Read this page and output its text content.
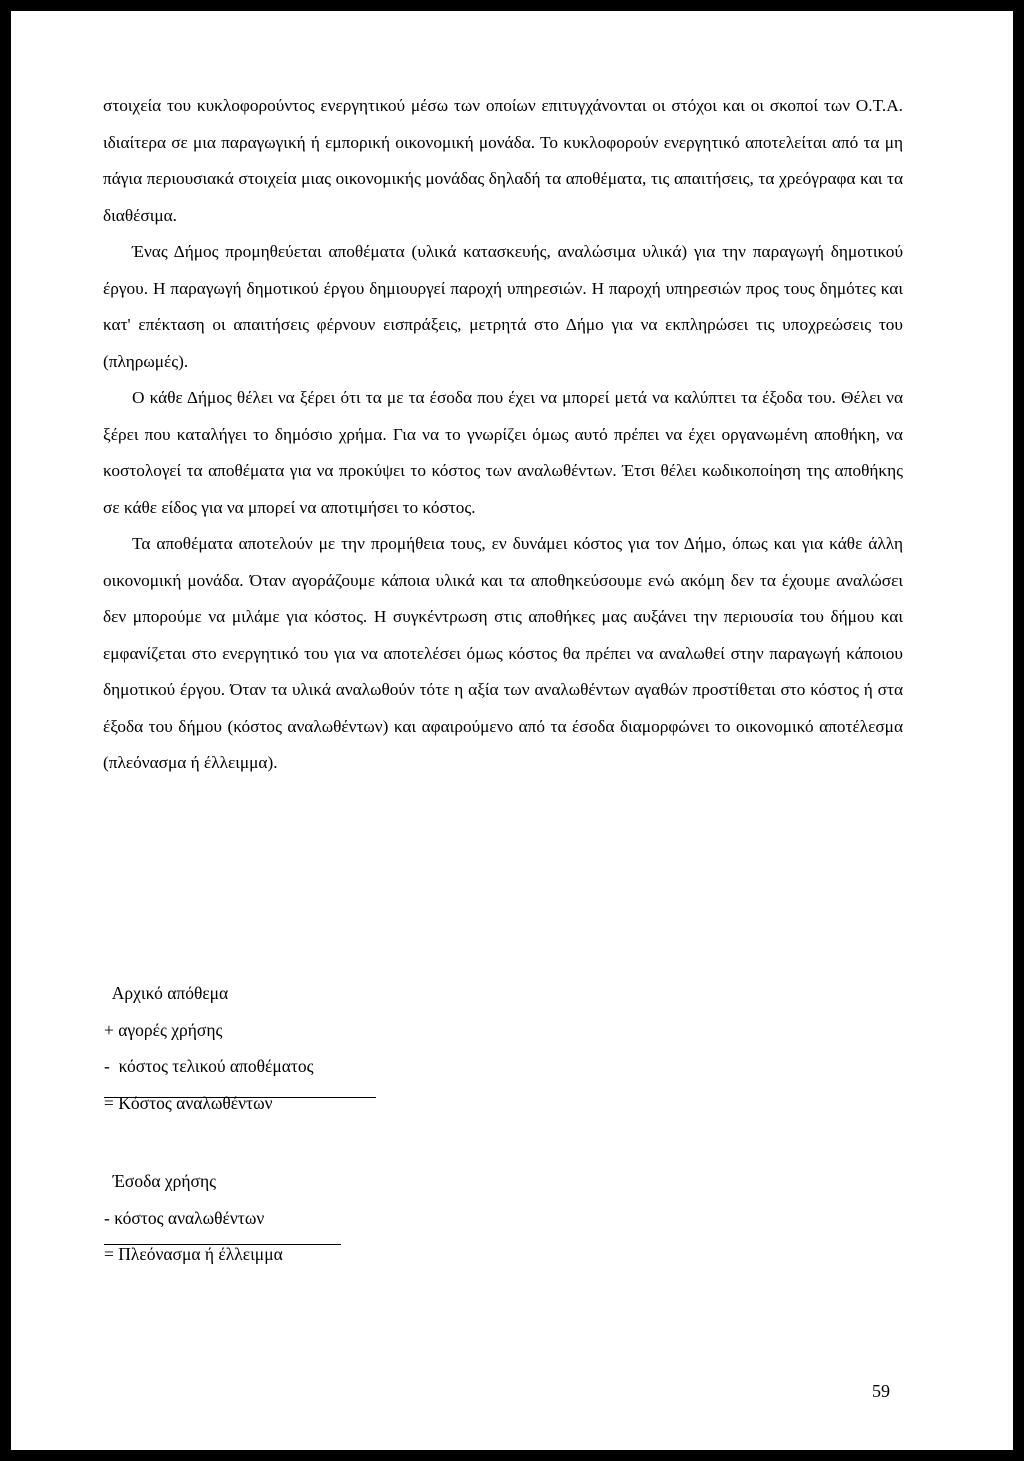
στοιχεία του κυκλοφορούντος ενεργητικού μέσω των οποίων επιτυγχάνονται οι στόχοι και οι σκοποί των Ο.Τ.Α. ιδιαίτερα σε μια παραγωγική ή εμπορική οικονομική μονάδα. Το κυκλοφορούν ενεργητικό αποτελείται από τα μη πάγια περιουσιακά στοιχεία μιας οικονομικής μονάδας δηλαδή τα αποθέματα, τις απαιτήσεις, τα χρεόγραφα και τα διαθέσιμα.

Ένας Δήμος προμηθεύεται αποθέματα (υλικά κατασκευής, αναλώσιμα υλικά) για την παραγωγή δημοτικού έργου. Η παραγωγή δημοτικού έργου δημιουργεί παροχή υπηρεσιών. Η παροχή υπηρεσιών προς τους δημότες και κατ' επέκταση οι απαιτήσεις φέρνουν εισπράξεις, μετρητά στο Δήμο για να εκπληρώσει τις υποχρεώσεις του (πληρωμές).

Ο κάθε Δήμος θέλει να ξέρει ότι τα με τα έσοδα που έχει να μπορεί μετά να καλύπτει τα έξοδα του. Θέλει να ξέρει που καταλήγει το δημόσιο χρήμα. Για να το γνωρίζει όμως αυτό πρέπει να έχει οργανωμένη αποθήκη, να κοστολογεί τα αποθέματα για να προκύψει το κόστος των αναλωθέντων. Έτσι θέλει κωδικοποίηση της αποθήκης σε κάθε είδος για να μπορεί να αποτιμήσει το κόστος.

Τα αποθέματα αποτελούν με την προμήθεια τους, εν δυνάμει κόστος για τον Δήμο, όπως και για κάθε άλλη οικονομική μονάδα. Όταν αγοράζουμε κάποια υλικά και τα αποθηκεύσουμε ενώ ακόμη δεν τα έχουμε αναλώσει δεν μπορούμε να μιλάμε για κόστος. Η συγκέντρωση στις αποθήκες μας αυξάνει την περιουσία του δήμου και εμφανίζεται στο ενεργητικό του για να αποτελέσει όμως κόστος θα πρέπει να αναλωθεί στην παραγωγή κάποιου δημοτικού έργου. Όταν τα υλικά αναλωθούν τότε η αξία των αναλωθέντων αγαθών προστίθεται στο κόστος ή στα έξοδα του δήμου (κόστος αναλωθέντων) και αφαιρούμενο από τα έσοδα διαμορφώνει το οικονομικό αποτέλεσμα (πλεόνασμα ή έλλειμμα).

Αρχικό απόθεμα
+ αγορές χρήσης
-  κόστος τελικού αποθέματος
= Κόστος αναλωθέντων
Έσοδα χρήσης
- κόστος αναλωθέντων
= Πλεόνασμα ή έλλειμμα
59
